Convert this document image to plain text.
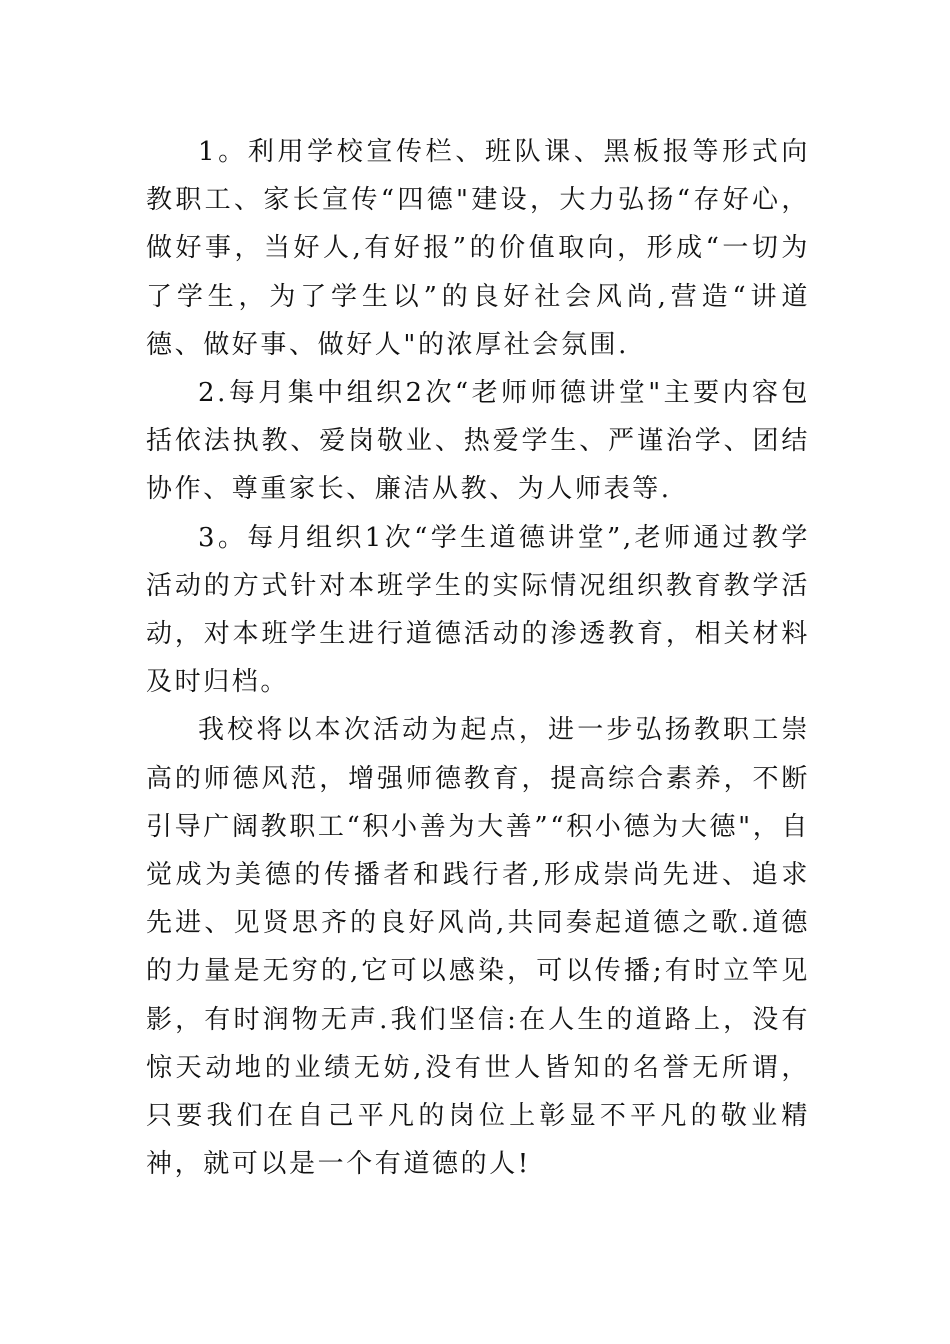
1。利用学校宣传栏、班队课、黑板报等形式向教职工、家长宣传“四德"建设，大力弘扬“存好心，做好事，当好人,有好报”的价值取向，形成“一切为了学生，为了学生以”的良好社会风尚,营造“讲道德、做好事、做好人"的浓厚社会氛围.

2.每月集中组织2次“老师师德讲堂"主要内容包括依法执教、爱岗敬业、热爱学生、严谨治学、团结协作、尊重家长、廉洁从教、为人师表等.

3。每月组织1次“学生道德讲堂”,老师通过教学活动的方式针对本班学生的实际情况组织教育教学活动，对本班学生进行道德活动的渗透教育，相关材料及时归档。

我校将以本次活动为起点，进一步弘扬教职工崇高的师德风范，增强师德教育，提高综合素养，不断引导广阔教职工“积小善为大善”“积小德为大德"，自觉成为美德的传播者和践行者,形成崇尚先进、追求先进、见贤思齐的良好风尚,共同奏起道德之歌.道德的力量是无穷的,它可以感染，可以传播;有时立竿见影，有时润物无声.我们坚信:在人生的道路上，没有惊天动地的业绩无妨,没有世人皆知的名誉无所谓，只要我们在自己平凡的岗位上彰显不平凡的敬业精神，就可以是一个有道德的人!
